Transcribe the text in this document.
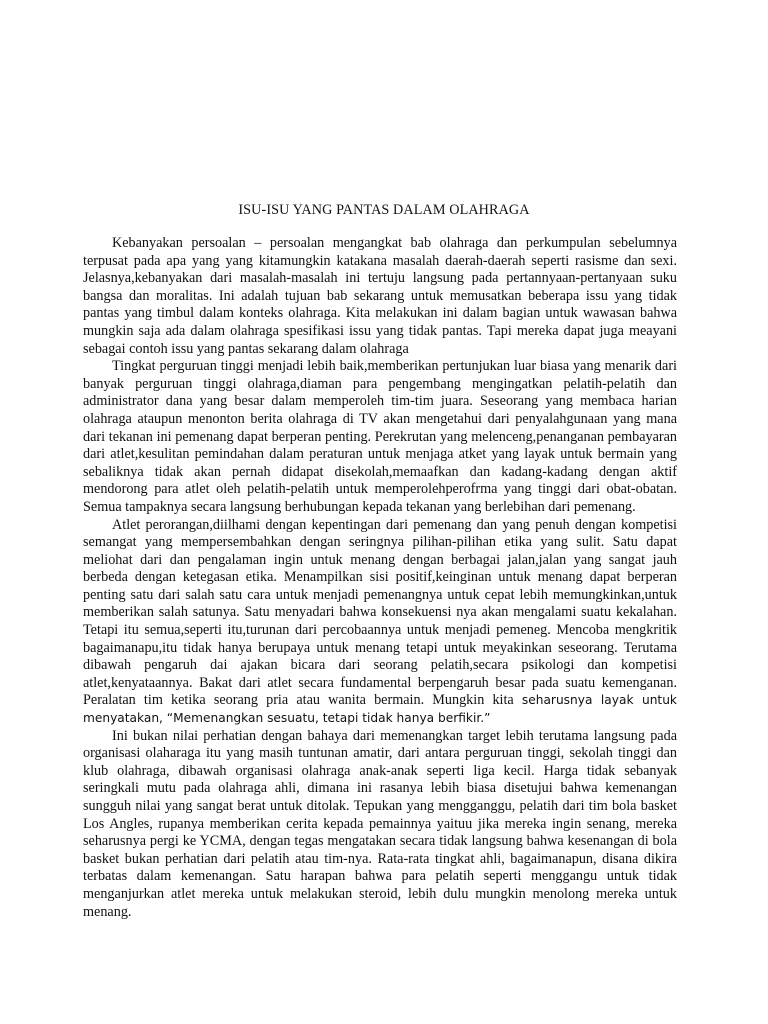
ISU-ISU YANG PANTAS DALAM OLAHRAGA

Kebanyakan persoalan – persoalan mengangkat bab olahraga dan perkumpulan sebelumnya terpusat pada apa yang yang kitamungkin katakana masalah daerah-daerah seperti rasisme dan sexi. Jelasnya,kebanyakan dari masalah-masalah ini tertuju langsung pada pertannyaan-pertanyaan suku bangsa dan moralitas. Ini adalah tujuan bab sekarang untuk memusatkan beberapa issu yang tidak pantas yang timbul dalam konteks olahraga. Kita melakukan ini dalam bagian untuk wawasan bahwa mungkin saja ada dalam olahraga spesifikasi issu yang tidak pantas. Tapi mereka dapat juga meayani sebagai contoh issu yang pantas sekarang dalam olahraga

Tingkat perguruan tinggi menjadi lebih baik,memberikan pertunjukan luar biasa yang menarik dari banyak perguruan tinggi olahraga,diaman para pengembang mengingatkan pelatih-pelatih dan administrator dana yang besar dalam memperoleh tim-tim juara. Seseorang yang membaca harian olahraga ataupun menonton berita olahraga di TV akan mengetahui dari penyalahgunaan yang mana dari tekanan ini pemenang dapat berperan penting. Perekrutan yang melenceng,penanganan pembayaran dari atlet,kesulitan pemindahan dalam peraturan untuk menjaga atket yang layak untuk bermain yang sebaliknya tidak akan pernah didapat disekolah,memaafkan dan kadang-kadang dengan aktif mendorong para atlet oleh pelatih-pelatih untuk memperolehperofrma yang tinggi dari obat-obatan. Semua tampaknya secara langsung berhubungan kepada tekanan yang berlebihan dari pemenang.

Atlet perorangan,diilhami dengan kepentingan dari pemenang dan yang penuh dengan kompetisi semangat yang mempersembahkan dengan seringnya pilihan-pilihan etika yang sulit. Satu dapat meliohat dari dan pengalaman ingin untuk menang dengan berbagai jalan,jalan yang sangat jauh berbeda dengan ketegasan etika. Menampilkan sisi positif,keinginan untuk menang dapat berperan penting satu dari salah satu cara untuk menjadi pemenangnya untuk cepat lebih memungkinkan,untuk memberikan salah satunya. Satu menyadari bahwa konsekuensi nya akan mengalami suatu kekalahan. Tetapi itu semua,seperti itu,turunan dari percobaannya untuk menjadi pemeneg. Mencoba mengkritik bagaimanapu,itu tidak hanya berupaya untuk menang tetapi untuk meyakinkan seseorang. Terutama dibawah pengaruh dai ajakan bicara dari seorang pelatih,secara psikologi dan kompetisi atlet,kenyataannya. Bakat dari atlet secara fundamental berpengaruh besar pada suatu kemenganan. Peralatan tim ketika seorang pria atau wanita bermain. Mungkin kita seharusnya layak untuk menyatakan, “Memenangkan sesuatu, tetapi tidak hanya berfikir.”

Ini bukan nilai perhatian dengan bahaya dari memenangkan target lebih terutama langsung pada organisasi olaharaga itu yang masih tuntunan amatir, dari antara perguruan tinggi, sekolah tinggi dan klub olahraga, dibawah organisasi olahraga anak-anak seperti liga kecil. Harga tidak sebanyak seringkali mutu pada olahraga ahli, dimana ini rasanya lebih biasa disetujui bahwa kemenangan sungguh nilai yang sangat berat untuk ditolak. Tepukan yang mengganggu, pelatih dari tim bola basket Los Angles, rupanya memberikan cerita kepada pemainnya yaituu jika mereka ingin senang, mereka seharusnya pergi ke YCMA, dengan tegas mengatakan secara tidak langsung bahwa kesenangan di bola basket bukan perhatian dari pelatih atau tim-nya. Rata-rata tingkat ahli, bagaimanapun, disana dikira terbatas dalam kemenangan. Satu harapan bahwa para pelatih seperti menggangu untuk tidak menganjurkan atlet mereka untuk melakukan steroid, lebih dulu mungkin menolong mereka untuk menang.
